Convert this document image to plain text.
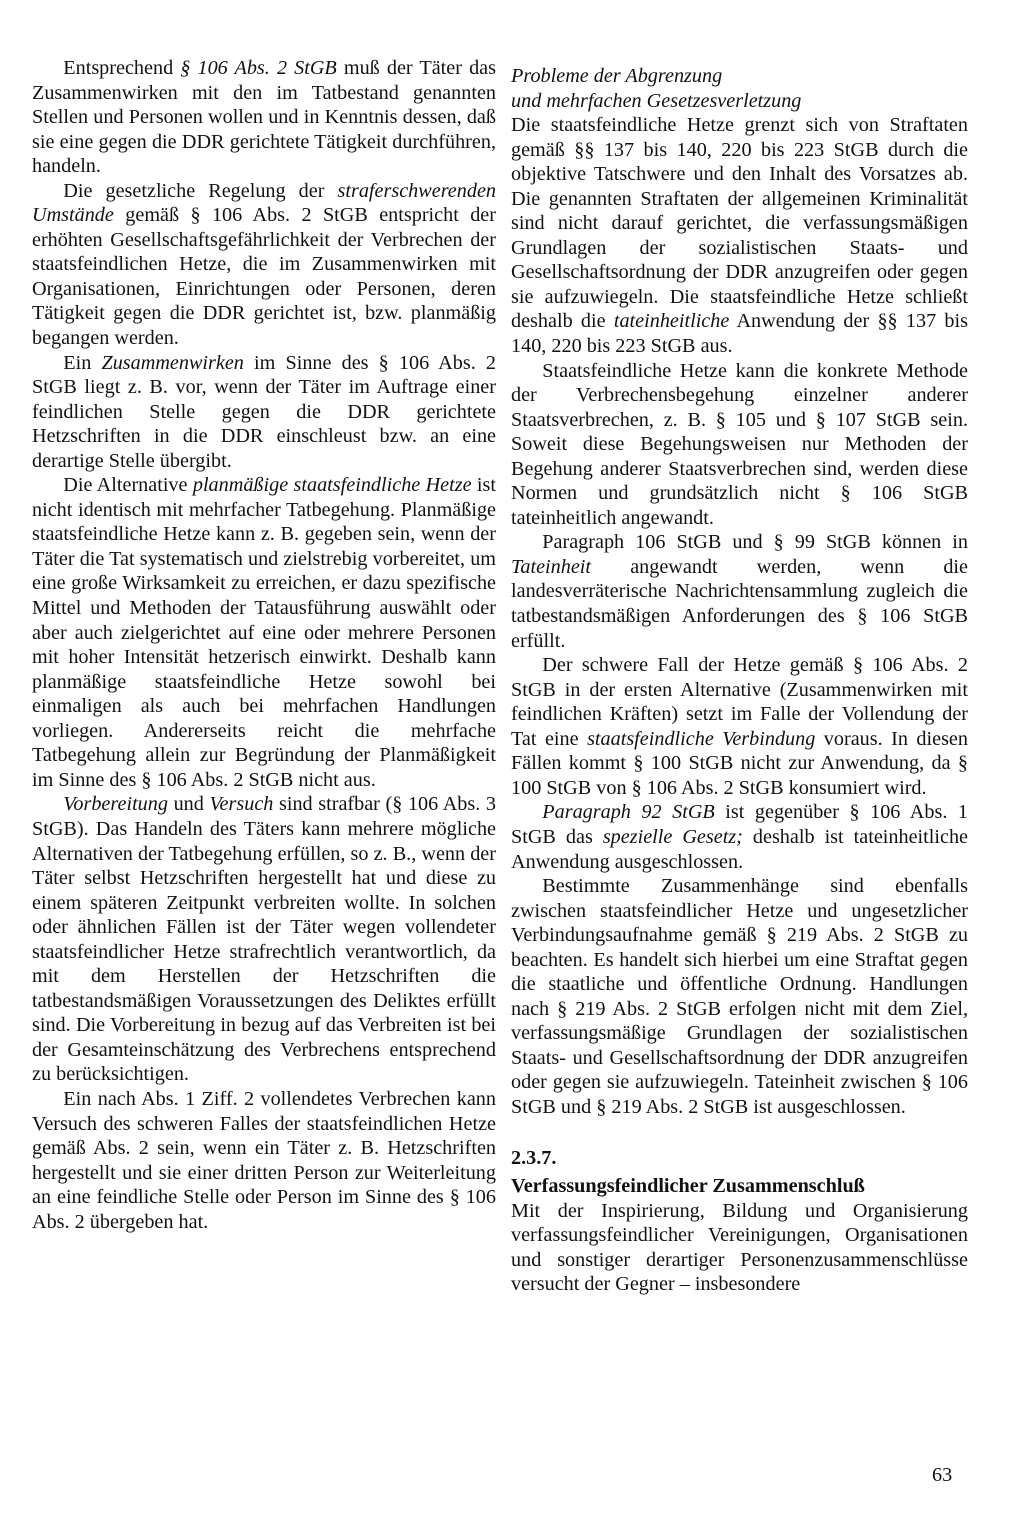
Entsprechend § 106 Abs. 2 StGB muß der Täter das Zusammenwirken mit den im Tatbestand genannten Stellen und Personen wollen und in Kenntnis dessen, daß sie eine gegen die DDR gerichtete Tätigkeit durchführen, handeln.

Die gesetzliche Regelung der straferschwerenden Umstände gemäß § 106 Abs. 2 StGB entspricht der erhöhten Gesellschaftsgefährlichkeit der Verbrechen der staatsfeindlichen Hetze, die im Zusammenwirken mit Organisationen, Einrichtungen oder Personen, deren Tätigkeit gegen die DDR gerichtet ist, bzw. planmäßig begangen werden.

Ein Zusammenwirken im Sinne des § 106 Abs. 2 StGB liegt z. B. vor, wenn der Täter im Auftrage einer feindlichen Stelle gegen die DDR gerichtete Hetzschriften in die DDR einschleust bzw. an eine derartige Stelle übergibt.

Die Alternative planmäßige staatsfeindliche Hetze ist nicht identisch mit mehrfacher Tatbegehung. Planmäßige staatsfeindliche Hetze kann z. B. gegeben sein, wenn der Täter die Tat systematisch und zielstrebig vorbereitet, um eine große Wirksamkeit zu erreichen, er dazu spezifische Mittel und Methoden der Tatausführung auswählt oder aber auch zielgerichtet auf eine oder mehrere Personen mit hoher Intensität hetzerisch einwirkt. Deshalb kann planmäßige staatsfeindliche Hetze sowohl bei einmaligen als auch bei mehrfachen Handlungen vorliegen. Andererseits reicht die mehrfache Tatbegehung allein zur Begründung der Planmäßigkeit im Sinne des § 106 Abs. 2 StGB nicht aus.

Vorbereitung und Versuch sind strafbar (§ 106 Abs. 3 StGB). Das Handeln des Täters kann mehrere mögliche Alternativen der Tatbegehung erfüllen, so z. B., wenn der Täter selbst Hetzschriften hergestellt hat und diese zu einem späteren Zeitpunkt verbreiten wollte. In solchen oder ähnlichen Fällen ist der Täter wegen vollendeter staatsfeindlicher Hetze strafrechtlich verantwortlich, da mit dem Herstellen der Hetzschriften die tatbestandsmäßigen Voraussetzungen des Deliktes erfüllt sind. Die Vorbereitung in bezug auf das Verbreiten ist bei der Gesamteinschätzung des Verbrechens entsprechend zu berücksichtigen.

Ein nach Abs. 1 Ziff. 2 vollendetes Verbrechen kann Versuch des schweren Falles der staatsfeindlichen Hetze gemäß Abs. 2 sein, wenn ein Täter z. B. Hetzschriften hergestellt und sie einer dritten Person zur Weiterleitung an eine feindliche Stelle oder Person im Sinne des § 106 Abs. 2 übergeben hat.

Probleme der Abgrenzung
und mehrfachen Gesetzesverletzung

Die staatsfeindliche Hetze grenzt sich von Straftaten gemäß §§ 137 bis 140, 220 bis 223 StGB durch die objektive Tatschwere und den Inhalt des Vorsatzes ab. Die genannten Straftaten der allgemeinen Kriminalität sind nicht darauf gerichtet, die verfassungsmäßigen Grundlagen der sozialistischen Staats- und Gesellschaftsordnung der DDR anzugreifen oder gegen sie aufzuwiegeln. Die staatsfeindliche Hetze schließt deshalb die tateinheitliche Anwendung der §§ 137 bis 140, 220 bis 223 StGB aus.

Staatsfeindliche Hetze kann die konkrete Methode der Verbrechensbegehung einzelner anderer Staatsverbrechen, z. B. § 105 und § 107 StGB sein. Soweit diese Begehungsweisen nur Methoden der Begehung anderer Staatsverbrechen sind, werden diese Normen und grundsätzlich nicht § 106 StGB tateinheitlich angewandt.

Paragraph 106 StGB und § 99 StGB können in Tateinheit angewandt werden, wenn die landesverräterische Nachrichtensammlung zugleich die tatbestandsmäßigen Anforderungen des § 106 StGB erfüllt.

Der schwere Fall der Hetze gemäß § 106 Abs. 2 StGB in der ersten Alternative (Zusammenwirken mit feindlichen Kräften) setzt im Falle der Vollendung der Tat eine staatsfeindliche Verbindung voraus. In diesen Fällen kommt § 100 StGB nicht zur Anwendung, da § 100 StGB von § 106 Abs. 2 StGB konsumiert wird.

Paragraph 92 StGB ist gegenüber § 106 Abs. 1 StGB das spezielle Gesetz; deshalb ist tateinheitliche Anwendung ausgeschlossen.

Bestimmte Zusammenhänge sind ebenfalls zwischen staatsfeindlicher Hetze und ungesetzlicher Verbindungsaufnahme gemäß § 219 Abs. 2 StGB zu beachten. Es handelt sich hierbei um eine Straftat gegen die staatliche und öffentliche Ordnung. Handlungen nach § 219 Abs. 2 StGB erfolgen nicht mit dem Ziel, verfassungsmäßige Grundlagen der sozialistischen Staats- und Gesellschaftsordnung der DDR anzugreifen oder gegen sie aufzuwiegeln. Tateinheit zwischen § 106 StGB und § 219 Abs. 2 StGB ist ausgeschlossen.

2.3.7.
Verfassungsfeindlicher Zusammenschluß

Mit der Inspirierung, Bildung und Organisierung verfassungsfeindlicher Vereinigungen, Organisationen und sonstiger derartiger Personenzusammenschlüsse versucht der Gegner – insbesondere

63
